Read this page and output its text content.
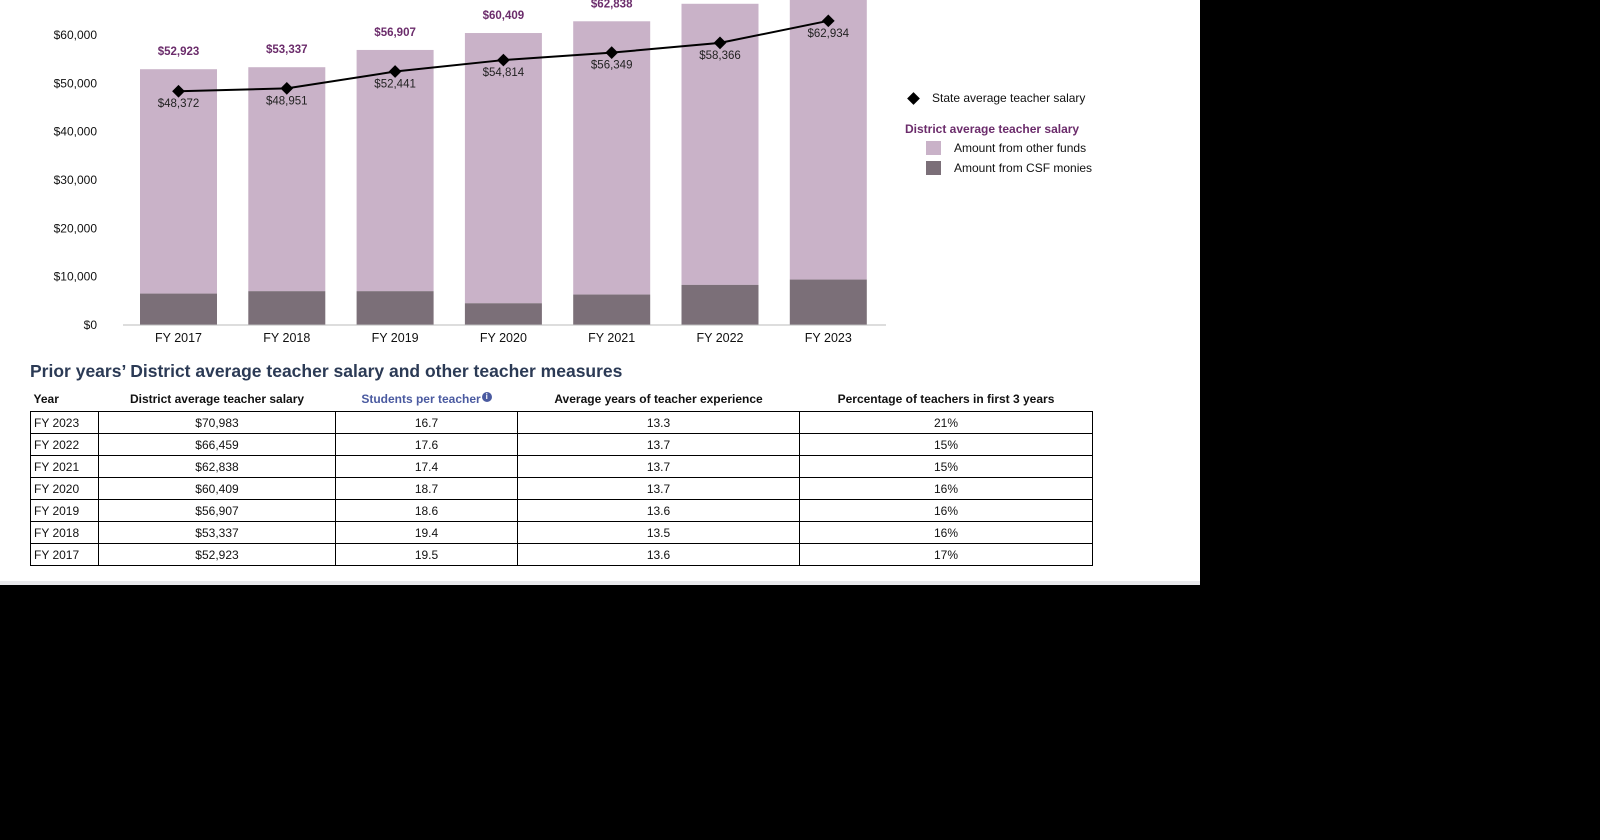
$0
$10,000
$20,000
$30,000
$40,000
$50,000
$60,000
FY 2017	FY 2018	FY 2019	FY 2020	FY 2021	FY 2022	FY 2023
$52,923	$53,337
$56,907
$60,409
$62,838
$48,372	$48,951
$52,441
$54,814
$56,349
$58,366
$62,934
State average teacher salary
District average teacher salary
Amount from other funds
Amount from CSF monies
Prior years’ District average teacher salary and other teacher measures
Year	District average teacher salary	Students per teacher i	Average years of teacher experience	Percentage of teachers in first 3 years
FY 2023	$70,983	16.7	13.3	21%
FY 2022	$66,459	17.6	13.7	15%
FY 2021	$62,838	17.4	13.7	15%
FY 2020	$60,409	18.7	13.7	16%
FY 2019	$56,907	18.6	13.6	16%
FY 2018	$53,337	19.4	13.5	16%
FY 2017	$52,923	19.5	13.6	17%
